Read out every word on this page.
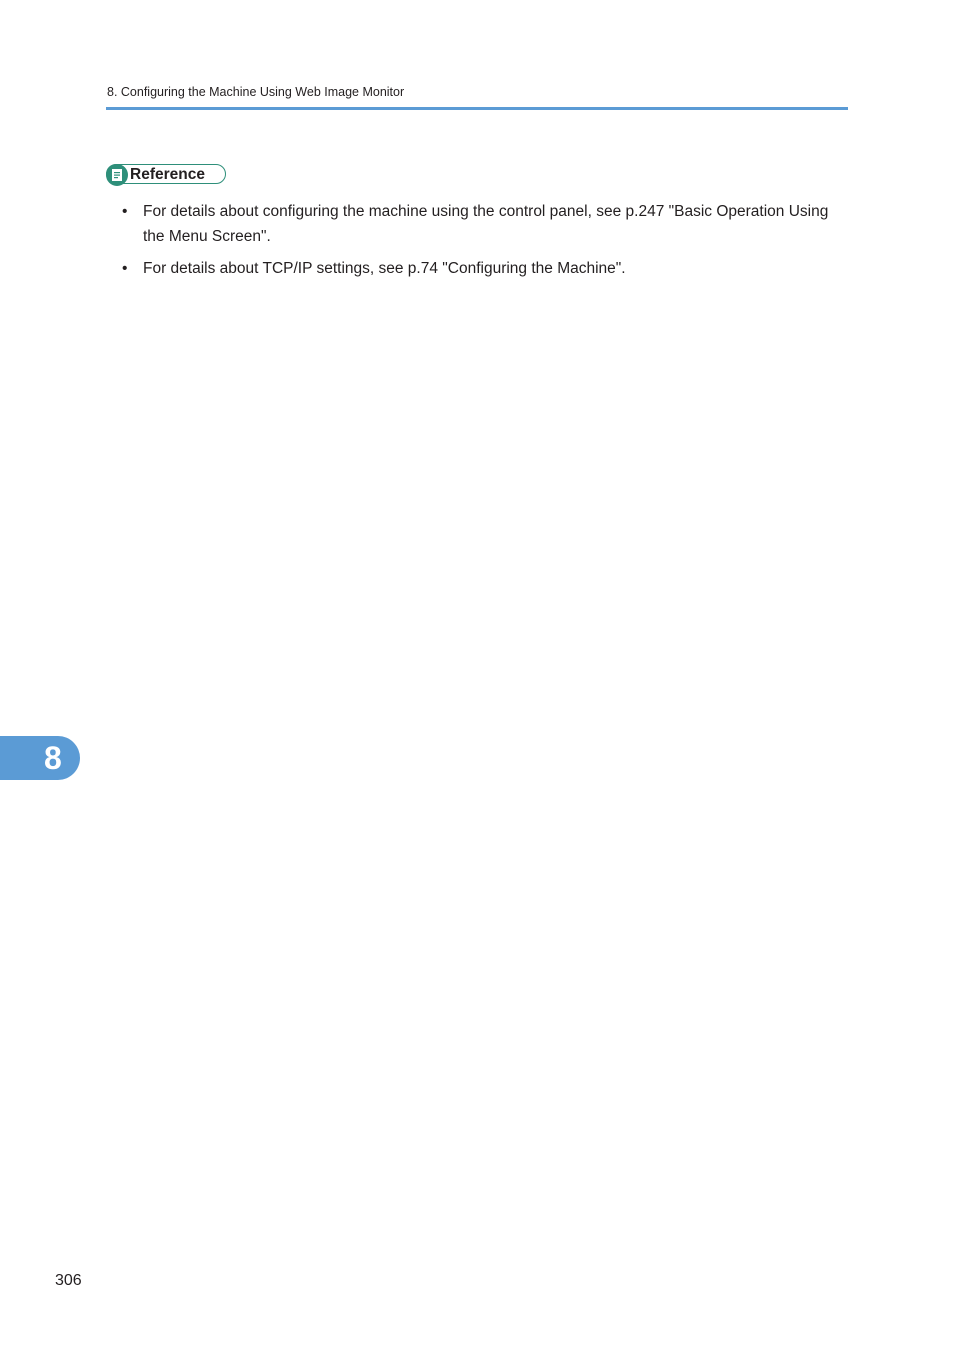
8. Configuring the Machine Using Web Image Monitor
Reference
• For details about configuring the machine using the control panel, see p.247 "Basic Operation Using the Menu Screen".
• For details about TCP/IP settings, see p.74 "Configuring the Machine".
8
306
